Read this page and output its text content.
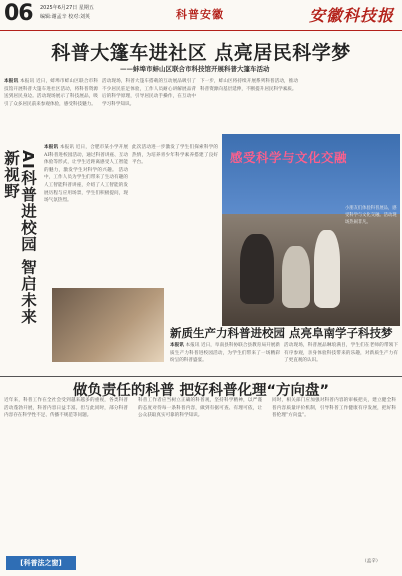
06 2025年6月27日 星期五
编辑:谢孟辛 校对:刘英	科普安徽	安徽科技报
科普大篷车进社区 点亮居民科学梦
——蚌埠市蚌山区联合市科技馆开展科普大篷车活动
本报讯 本报讯 近日，蚌埠市蚌山区联合市科技馆开展科普大篷车进社区活动，将科普资源送到居民身边。活动现场展示了科技展品，吸引了众多居民前来参观体验，感受科技魅力。
活动现场，科普大篷车搭载的互动展品吸引了不少居民驻足体验，工作人员耐心讲解展品背后的科学原理，引导居民动手操作，在互动中学习科学知识。
下一步，蚌山区将持续开展系列科普活动，推动科普资源向基层延伸，不断提升居民科学素质。
AI科普进校园 智启未来新视野
本报讯 本报讯 近日，合肥市某小学开展AI科普进校园活动，通过科普讲座、互动体验等形式，让学生近距离感受人工智能的魅力，激发学生对科学的兴趣。 活动中，工作人员为学生们带来了生动有趣的人工智能科普讲座，介绍了人工智能的发展历程与应用场景，学生们积极提问，现场气氛热烈。
此次活动进一步激发了学生们探索科学的热情，为培养青少年科学素养搭建了良好平台。	感受科学与文化交融
小朋友们体验科普展品，感受科学与文化交融。活动现场热闹非凡。
新质生产力科普进校园 点亮阜南学子科技梦
本报讯 本报讯 近日，阜南县科协联合县教育局开展新质生产力科普进校园活动，为学生们带来了一场精彩纷呈的科普盛宴。
活动现场，科普展品琳琅满目，学生们在老师的带领下有序参观，亲身体验科技带来的乐趣，对新质生产力有了更直观的认识。
做负责任的科普 把好科普化理“方向盘”
近年来，科普工作在全社会受到越来越多的重视，各类科普活动蓬勃开展，科普内容日益丰富。但与此同时，部分科普内容存在科学性不足、传播不规范等问题。
科普工作者应当树立正确的科普观，坚持科学精神，以严谨的态度对待每一条科普内容，做到有据可查、有理可依，让公众获取真实可靠的科学知识。
同时，相关部门应加强对科普内容的审核把关，建立健全科普内容质量评价机制，引导科普工作健康有序发展，把好科普伦理“方向盘”。
[科普法之窗]	（孟辛）
